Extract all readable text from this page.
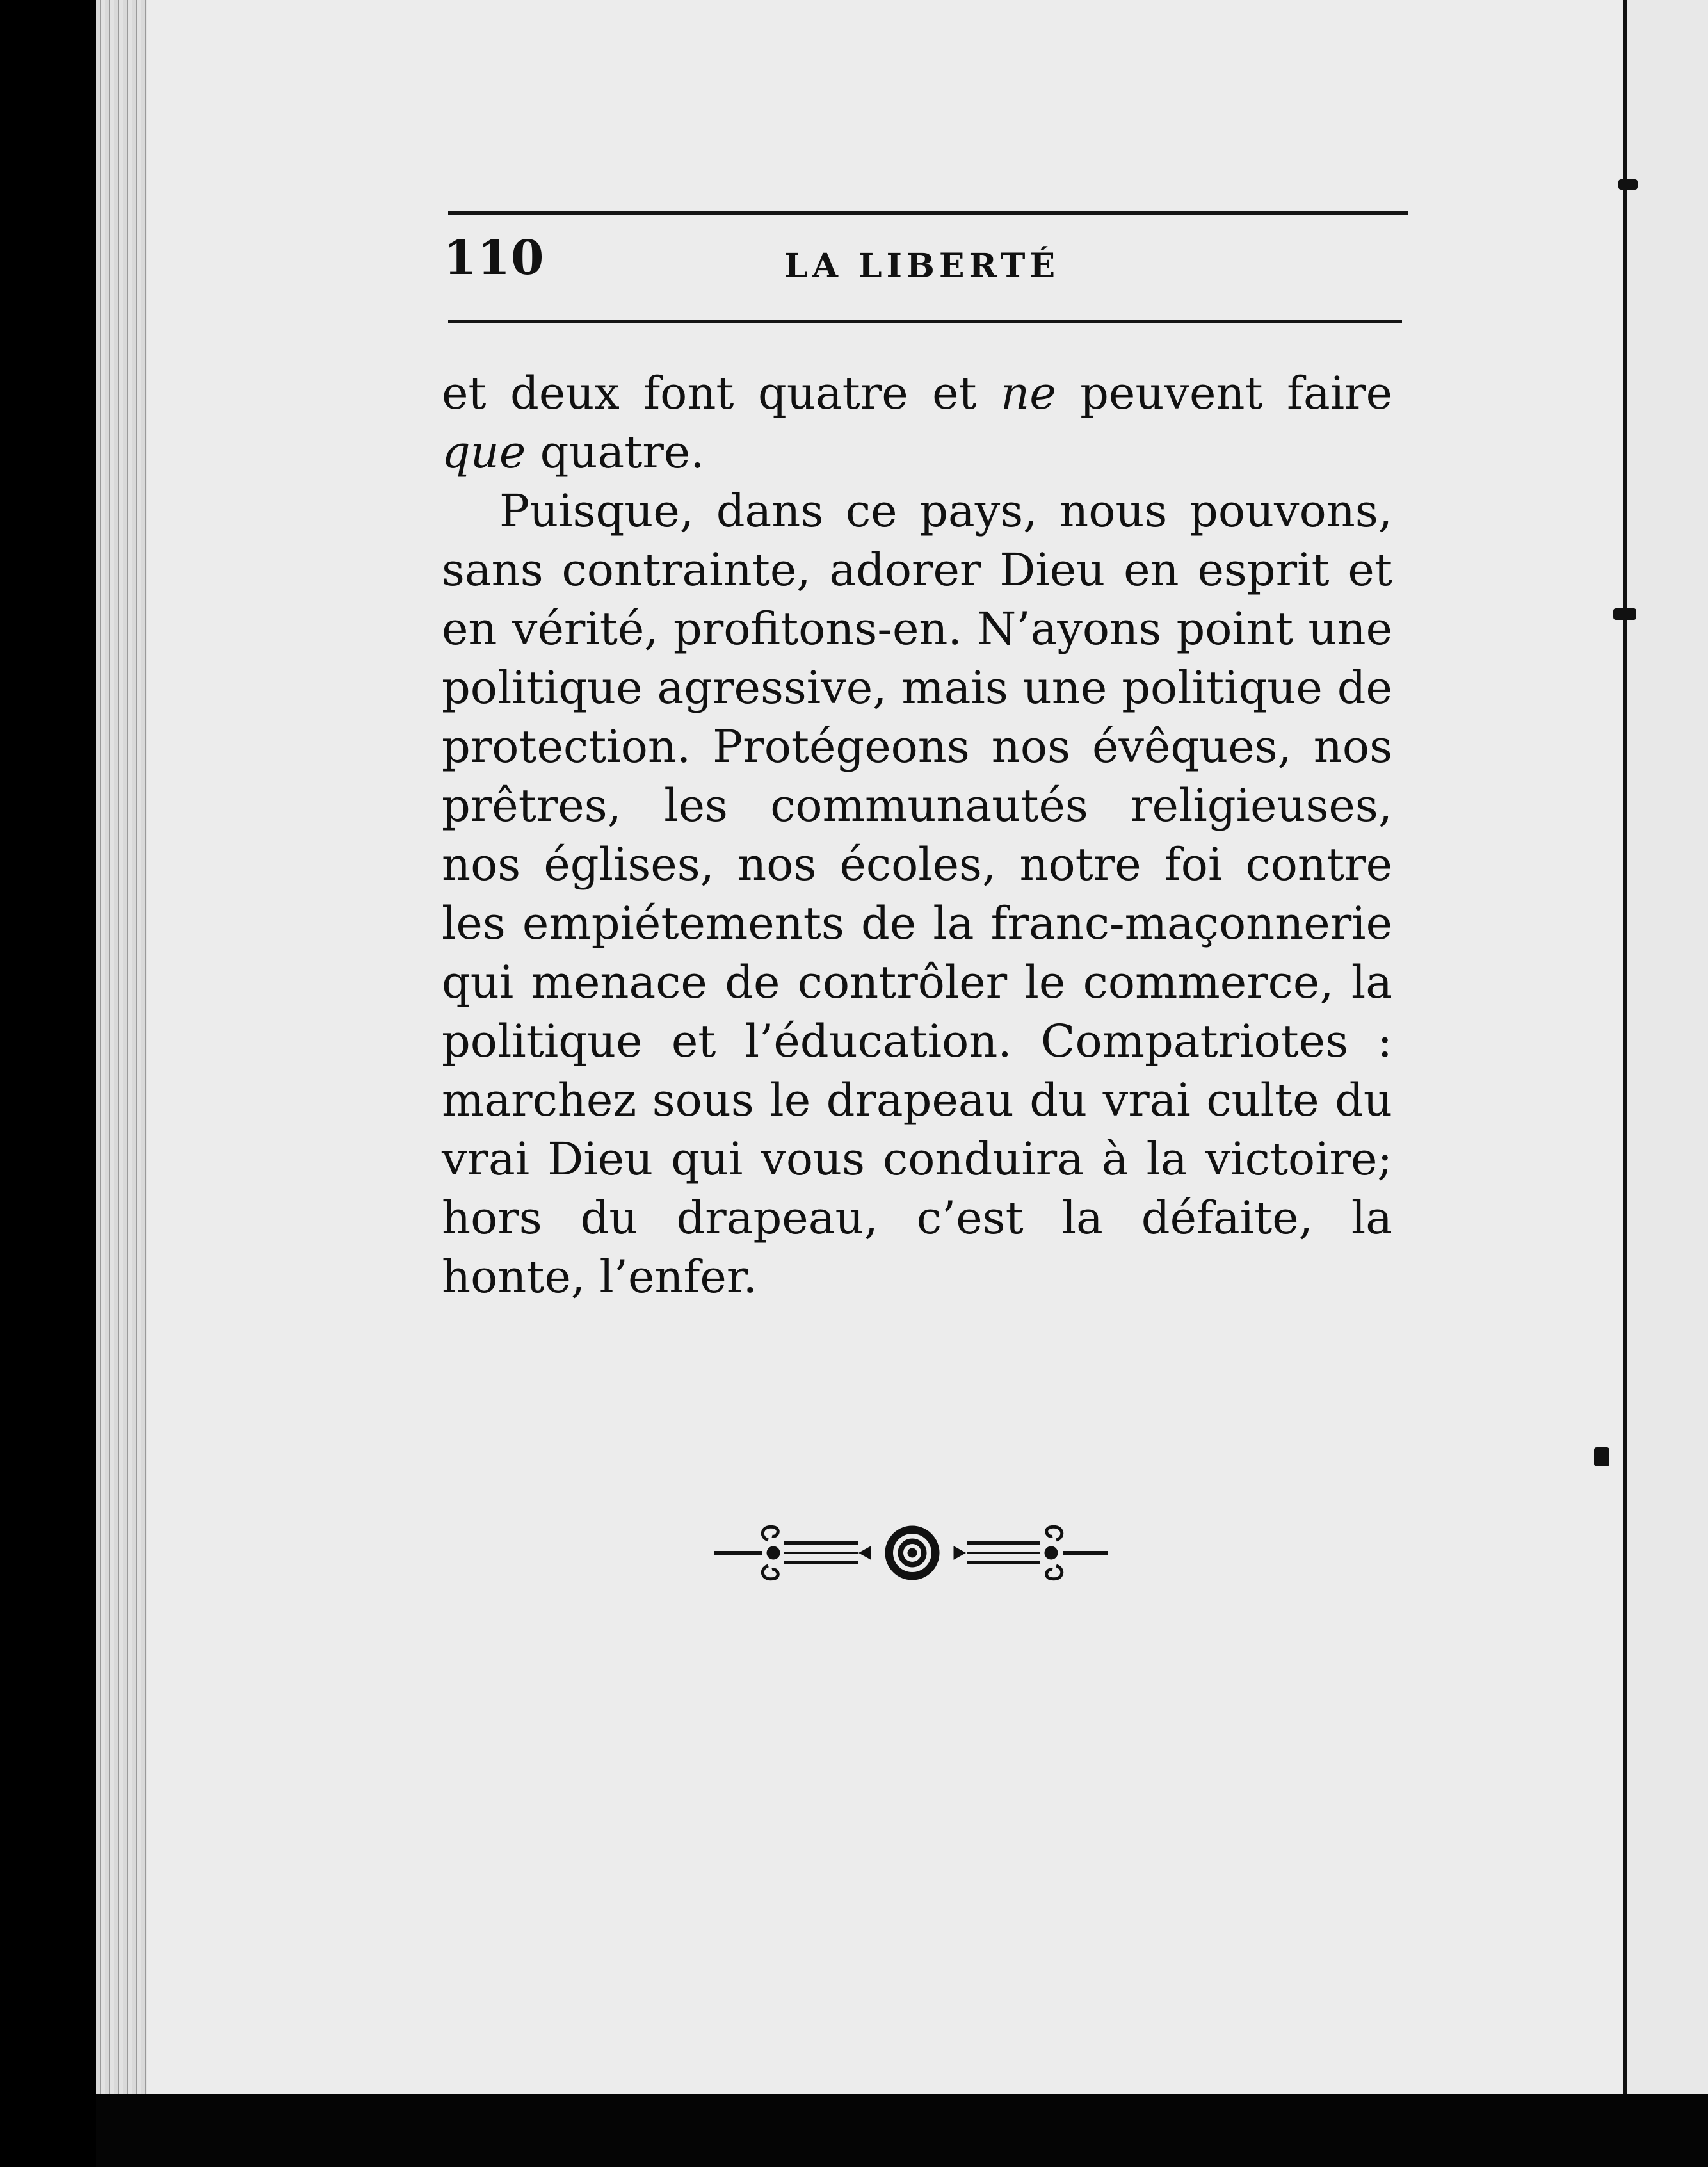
110	LA LIBERTÉ

et deux font quatre et ne peuvent faire que quatre.

Puisque, dans ce pays, nous pouvons, sans contrainte, adorer Dieu en esprit et en vérité, profitons-en. N’ayons point une politique agressive, mais une politique de protection. Protégeons nos évêques, nos prêtres, les communautés religieuses, nos églises, nos écoles, notre foi contre les empiétements de la franc-maçonnerie qui menace de contrôler le commerce, la politique et l’éducation. Compatriotes : marchez sous le drapeau du vrai culte du vrai Dieu qui vous conduira à la victoire; hors du drapeau, c’est la défaite, la honte, l’enfer.
